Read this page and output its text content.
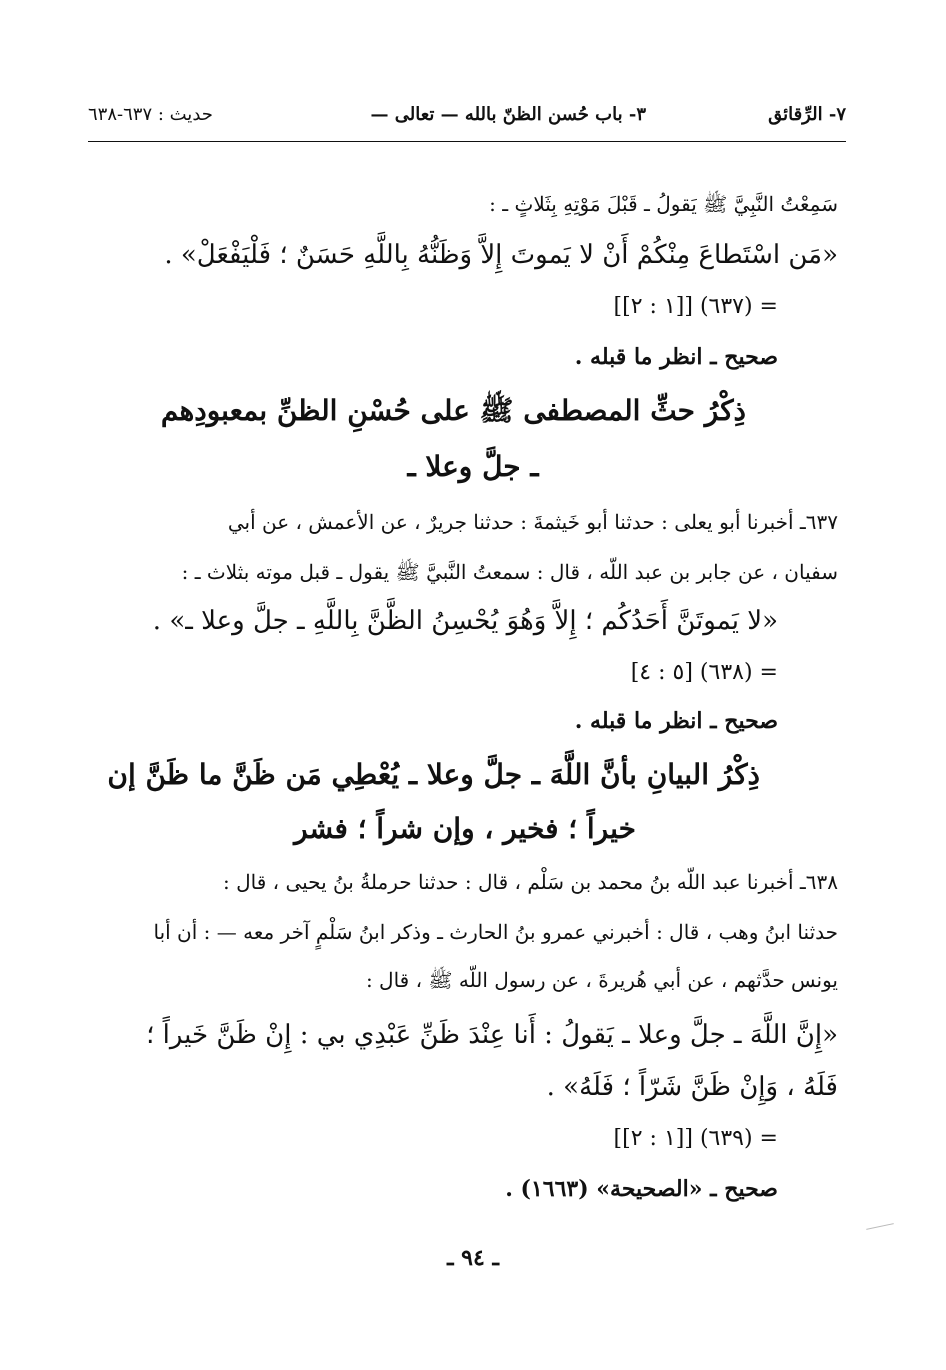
٧- الرِّقائق
٣- باب حُسن الظنّ بالله — تعالى —
حديث : ٦٣٧-٦٣٨
سَمِعْتُ النَّبِيَّ ﷺ يَقولُ ـ قَبْلَ مَوْتِهِ بِثَلاثٍ ـ :
«مَن اسْتَطاعَ مِنْكُمْ أَنْ لا يَموتَ إِلاَّ وَظَنُّهُ بِاللَّهِ حَسَنٌ ؛ فَلْيَفْعَلْ» .
= (٦٣٧) [[١ : ٢]]
صحيح ـ انظر ما قبله .
ذِكْرُ حثِّ المصطفى ﷺ على حُسْنِ الظنِّ بمعبودِهم
ـ جلَّ وعلا ـ
٦٣٧ـ أخبرنا أبو يعلى : حدثنا أبو خَيثمةَ : حدثنا جريرٌ ، عن الأعمش ، عن أبي
سفيان ، عن جابر بن عبد اللّه ، قال : سمعتُ النَّبيَّ ﷺ يقول ـ قبل موته بثلاث ـ :
«لا يَموتَنَّ أَحَدُكُم ؛ إِلاَّ وَهُوَ يُحْسِنُ الظَّنَّ بِاللَّهِ ـ جلَّ وعلا ـ» .
= (٦٣٨) [٥ : ٤]
صحيح ـ انظر ما قبله .
ذِكْرُ البيانِ بأنَّ اللَّهَ ـ جلَّ وعلا ـ يُعْطِي مَن ظَنَّ ما ظَنَّ إن
خيراً ؛ فخير ، وإن شراً ؛ فشر
٦٣٨ـ أخبرنا عبد اللّه بنُ محمد بن سَلْم ، قال : حدثنا حرملةُ بنُ يحيى ، قال :
حدثنا ابنُ وهب ، قال : أخبرني عمرو بنُ الحارث ـ وذكر ابنُ سَلْمٍ آخر معه — : أن أبا
يونس حدَّثهم ، عن أبي هُريرةَ ، عن رسول اللّه ﷺ ، قال :
«إِنَّ اللَّهَ ـ جلَّ وعلا ـ يَقولُ : أَنا عِنْدَ ظَنِّ عَبْدِي بي : إِنْ ظَنَّ خَيراً ؛
فَلَهُ ، وَإِنْ ظَنَّ شَرّاً ؛ فَلَهُ» .
= (٦٣٩) [[١ : ٢]]
صحيح ـ «الصحيحة» (١٦٦٣) .
ـ ٩٤ ـ
